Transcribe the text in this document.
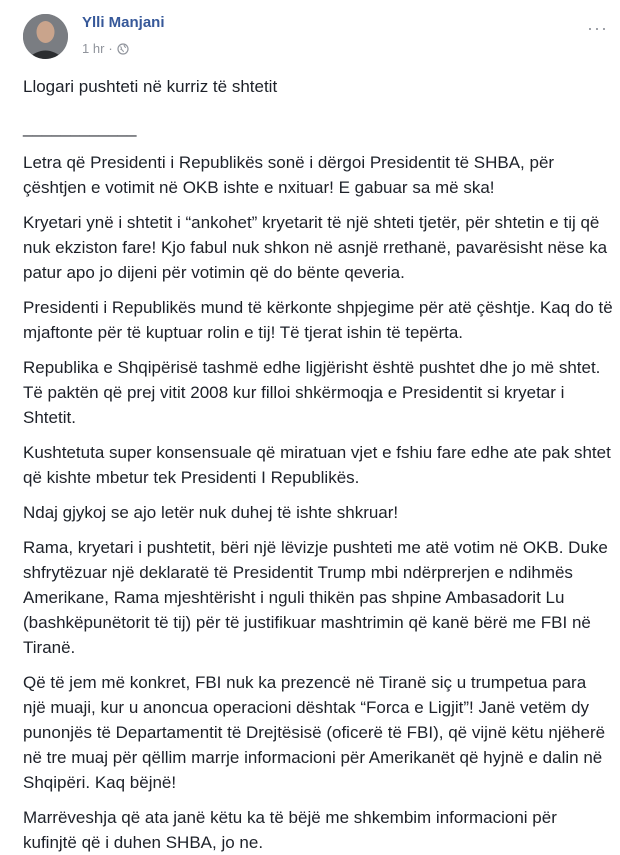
Ylli Manjani
1 hr ·
···

Llogari pushteti në kurriz të shtetit

____________

Letra që Presidenti i Republikës sonë i dërgoi Presidentit të SHBA, për çështjen e votimit në OKB ishte e nxituar! E gabuar sa më ska!

Kryetari ynë i shtetit i “ankohet” kryetarit të një shteti tjetër, për shtetin e tij që nuk ekziston fare! Kjo fabul nuk shkon në asnjë rrethanë, pavarësisht nëse ka patur apo jo dijeni për votimin që do bënte qeveria.

Presidenti i Republikës mund të kërkonte shpjegime për atë çështje. Kaq do të mjaftonte për të kuptuar rolin e tij! Të tjerat ishin të tepërta.

Republika e Shqipërisë tashmë edhe ligjërisht është pushtet dhe jo më shtet. Të paktën që prej vitit 2008 kur filloi shkërmoqja e Presidentit si kryetar i Shtetit.

Kushtetuta super konsensuale që miratuan vjet e fshiu fare edhe ate pak shtet që kishte mbetur tek Presidenti I Republikës.

Ndaj gjykoj se ajo letër nuk duhej të ishte shkruar!

Rama, kryetari i pushtetit, bëri një lëvizje pushteti me atë votim në OKB. Duke shfrytëzuar një deklaratë të Presidentit Trump mbi ndërprerjen e ndihmës Amerikane, Rama mjeshtërisht i nguli thikën pas shpine Ambasadorit Lu (bashkëpunëtorit të tij) për të justifikuar mashtrimin që kanë bërë me FBI në Tiranë.

Që të jem më konkret, FBI nuk ka prezencë në Tiranë siç u trumpetua para një muaji, kur u anoncua operacioni dështak “Forca e Ligjit”! Janë vetëm dy punonjës të Departamentit të Drejtësisë (oficerë të FBI), që vijnë këtu njëherë në tre muaj për qëllim marrje informacioni për Amerikanët që hyjnë e dalin në Shqipëri. Kaq bëjnë!

Marrëveshja që ata janë këtu ka të bëjë me shkembim informacioni për kufinjtë që i duhen SHBA, jo ne.
